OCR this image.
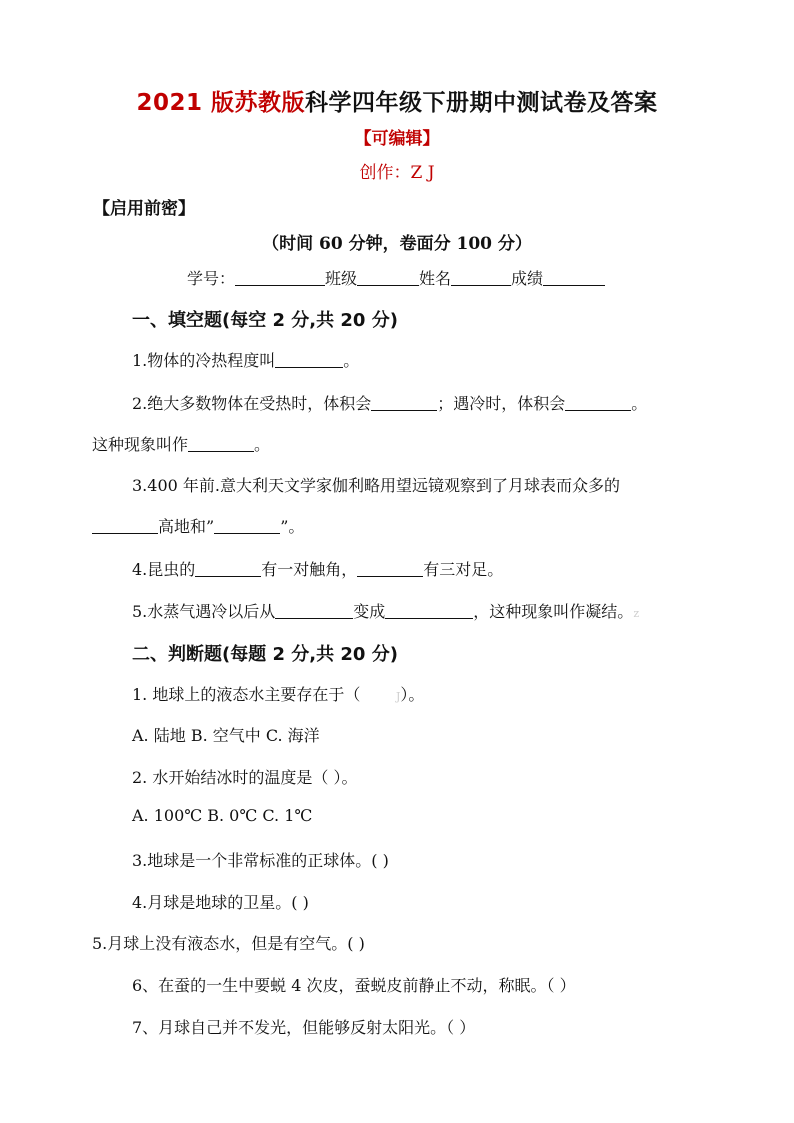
2021 版苏教版科学四年级下册期中测试卷及答案
【可编辑】
创作：Z J
【启用前密】
（时间 60 分钟，卷面分 100 分）
学号：	班级	姓名	成绩
一、填空题(每空 2 分,共 20 分)
1.物体的冷热程度叫	。
2.绝大多数物体在受热时，体积会	；遇冷时，体积会	。
这种现象叫作	。
3.400 年前.意大利天文学家伽利略用望远镜观察到了月球表而众多的
高地和”	”。
4.昆虫的	有一对触角，	有三对足。
5.水蒸气遇冷以后从	变成	，这种现象叫作凝结。z
二、判断题(每题 2 分,共 20 分)
1. 地球上的液态水主要存在于（	J）。
A. 陆地 B. 空气中 C. 海洋
2. 水开始结冰时的温度是（ ）。
A. 100℃ B. 0℃ C. 1℃
3.地球是一个非常标准的正球体。( )
4.月球是地球的卫星。( )
5.月球上没有液态水，但是有空气。( )
6、在蚕的一生中要蜕 4 次皮，蚕蜕皮前静止不动，称眠。（ ）
7、月球自己并不发光，但能够反射太阳光。（ ）
